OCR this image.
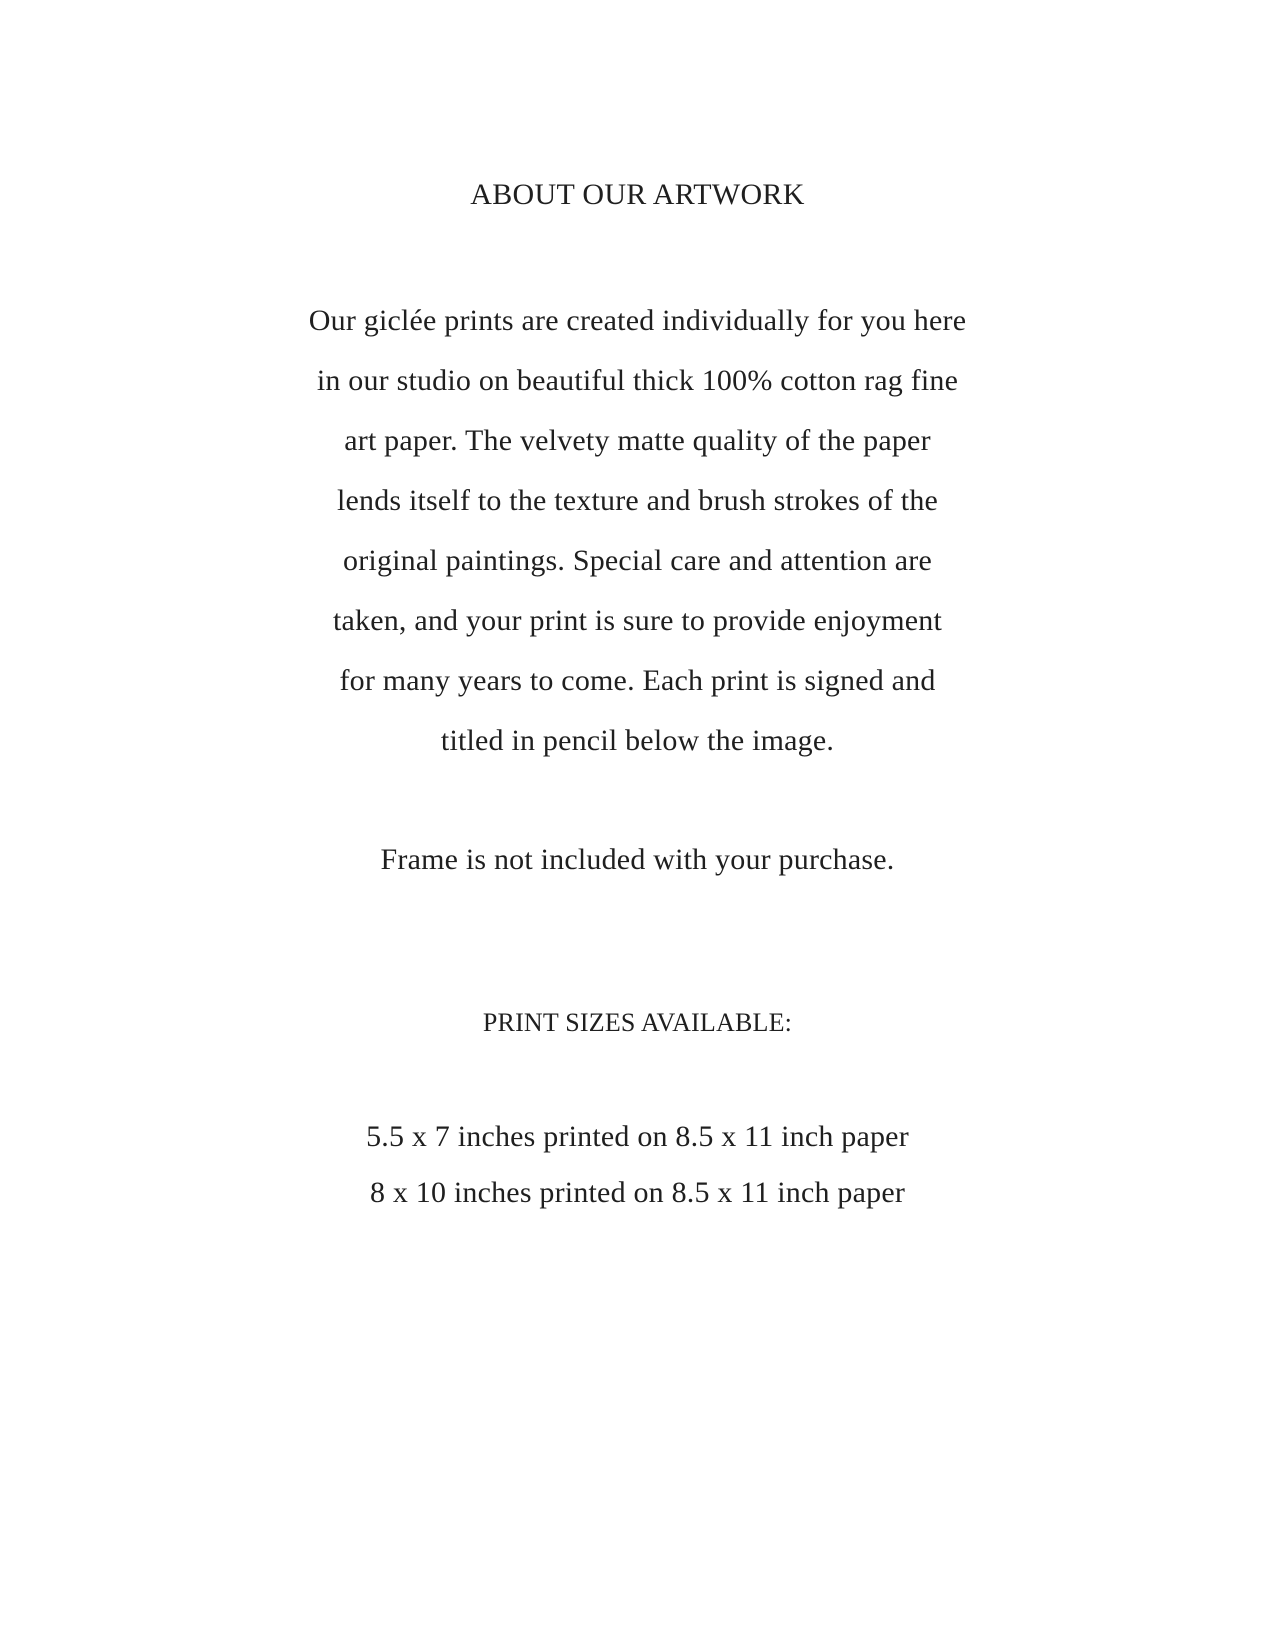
ABOUT OUR ARTWORK
Our giclée prints are created individually for you here
in our studio on beautiful thick 100% cotton rag fine
art paper. The velvety matte quality of the paper
lends itself to the texture and brush strokes of the
original paintings. Special care and attention are
taken, and your print is sure to provide enjoyment
for many years to come. Each print is signed and
titled in pencil below the image.
Frame is not included with your purchase.
PRINT SIZES AVAILABLE:
5.5 x 7 inches printed on 8.5 x 11 inch paper
8 x 10 inches printed on 8.5 x 11 inch paper
